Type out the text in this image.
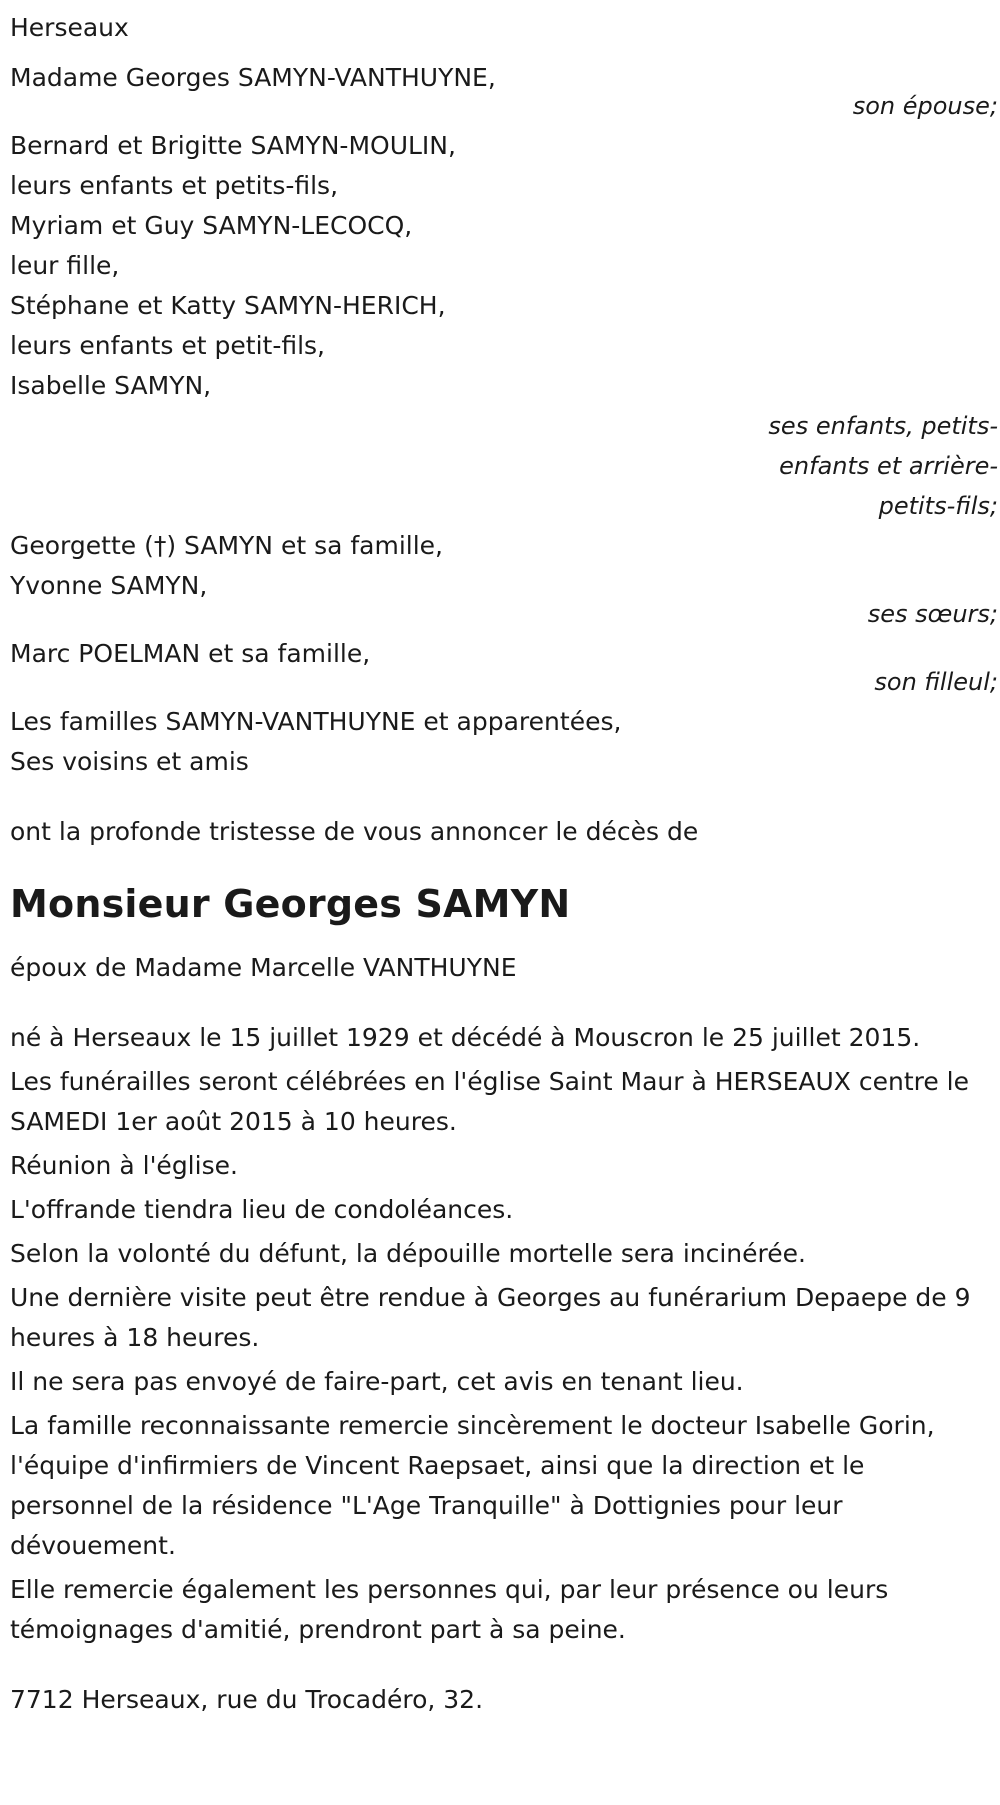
Herseaux
Madame Georges SAMYN-VANTHUYNE,
son épouse;
Bernard et Brigitte SAMYN-MOULIN,
leurs enfants et petits-fils,
Myriam et Guy SAMYN-LECOCQ,
leur fille,
Stéphane et Katty SAMYN-HERICH,
leurs enfants et petit-fils,
Isabelle SAMYN,
ses enfants, petits-
enfants et arrière-
petits-fils;
Georgette (†) SAMYN et sa famille,
Yvonne SAMYN,
ses sœurs;
Marc POELMAN et sa famille,
son filleul;
Les familles SAMYN-VANTHUYNE et apparentées,
Ses voisins et amis
ont la profonde tristesse de vous annoncer le décès de
Monsieur Georges SAMYN
époux de Madame Marcelle VANTHUYNE
né à Herseaux le 15 juillet 1929 et décédé à Mouscron le 25 juillet 2015.
Les funérailles seront célébrées en l'église Saint Maur à HERSEAUX centre le SAMEDI 1er août 2015 à 10 heures.
Réunion à l'église.
L'offrande tiendra lieu de condoléances.
Selon la volonté du défunt, la dépouille mortelle sera incinérée.
Une dernière visite peut être rendue à Georges au funérarium Depaepe de 9 heures à 18 heures.
Il ne sera pas envoyé de faire-part, cet avis en tenant lieu.
La famille reconnaissante remercie sincèrement le docteur Isabelle Gorin, l'équipe d'infirmiers de Vincent Raepsaet, ainsi que la direction et le personnel de la résidence "L'Age Tranquille" à Dottignies pour leur dévouement.
Elle remercie également les personnes qui, par leur présence ou leurs témoignages d'amitié, prendront part à sa peine.
7712 Herseaux, rue du Trocadéro, 32.
